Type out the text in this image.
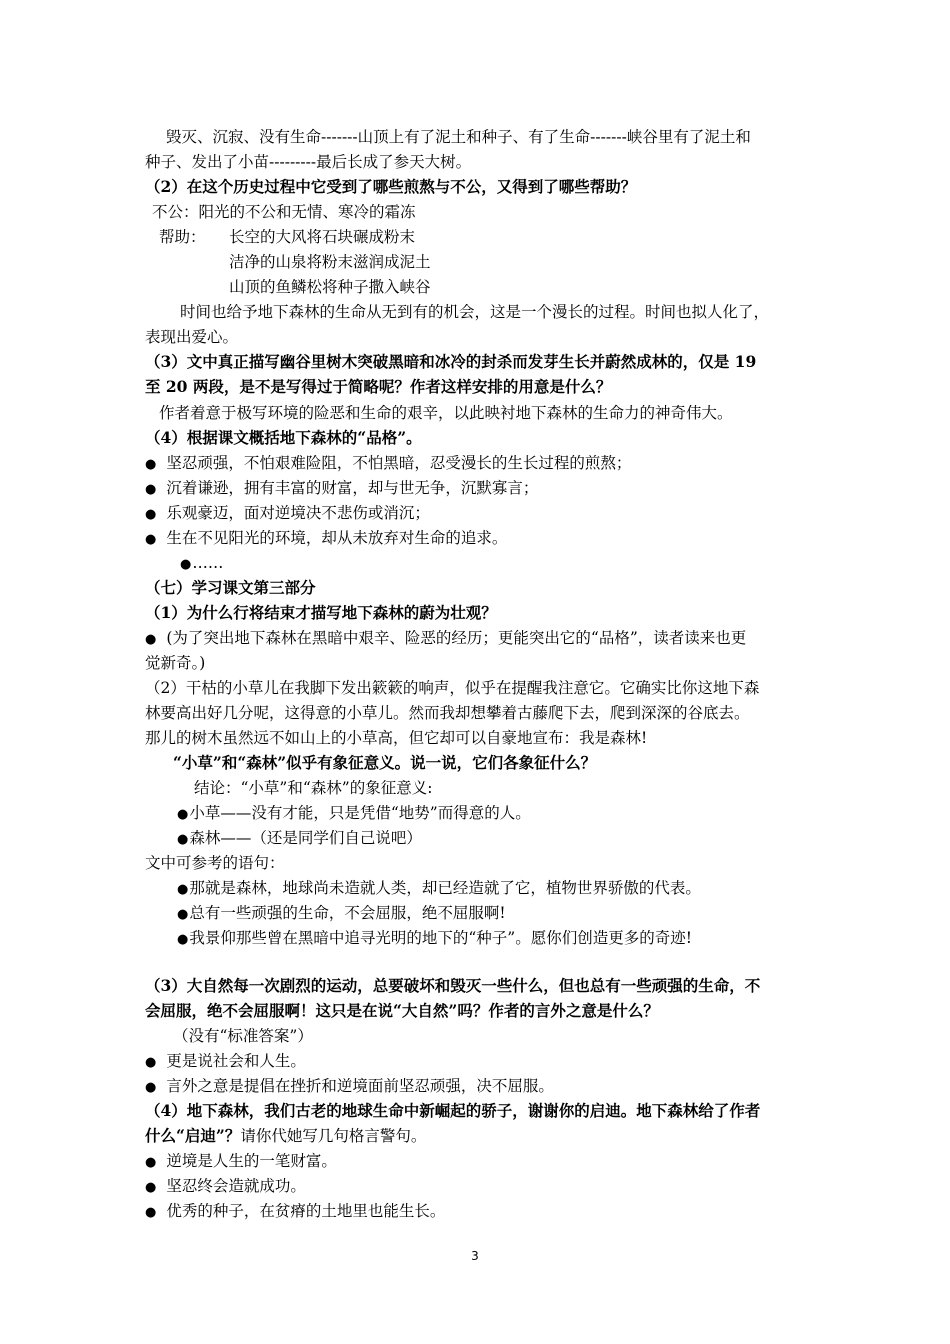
毁灭、沉寂、没有生命-------山顶上有了泥土和种子、有了生命-------峡谷里有了泥土和
种子、发出了小苗---------最后长成了参天大树。
（2）在这个历史过程中它受到了哪些煎熬与不公，又得到了哪些帮助？
不公：阳光的不公和无情、寒冷的霜冻
帮助： 长空的大风将石块碾成粉末
洁净的山泉将粉末滋润成泥土
山顶的鱼鳞松将种子撒入峡谷
时间也给予地下森林的生命从无到有的机会，这是一个漫长的过程。时间也拟人化了，
表现出爱心。
（3）文中真正描写幽谷里树木突破黑暗和冰冷的封杀而发芽生长并蔚然成林的，仅是 19
至 20 两段，是不是写得过于简略呢？作者这样安排的用意是什么？
作者着意于极写环境的险恶和生命的艰辛，以此映衬地下森林的生命力的神奇伟大。
（4）根据课文概括地下森林的“品格”。
● 坚忍顽强，不怕艰难险阻，不怕黑暗，忍受漫长的生长过程的煎熬；
● 沉着谦逊，拥有丰富的财富，却与世无争，沉默寡言；
● 乐观豪迈，面对逆境决不悲伤或消沉；
● 生在不见阳光的环境，却从未放弃对生命的追求。
●……
（七）学习课文第三部分
（1）为什么行将结束才描写地下森林的蔚为壮观？
● (为了突出地下森林在黑暗中艰辛、险恶的经历；更能突出它的“品格”，读者读来也更
觉新奇。)
（2）干枯的小草儿在我脚下发出簌簌的响声，似乎在提醒我注意它。它确实比你这地下森
林要高出好几分呢，这得意的小草儿。然而我却想攀着古藤爬下去，爬到深深的谷底去。
那儿的树木虽然远不如山上的小草高，但它却可以自豪地宣布：我是森林!
“小草”和“森林”似乎有象征意义。说一说，它们各象征什么？
结论：“小草”和“森林”的象征意义:
●小草——没有才能，只是凭借“地势”而得意的人。
●森林——（还是同学们自己说吧）
文中可参考的语句：
●那就是森林，地球尚未造就人类，却已经造就了它，植物世界骄傲的代表。
●总有一些顽强的生命，不会屈服，绝不屈服啊!
●我景仰那些曾在黑暗中追寻光明的地下的“种子”。愿你们创造更多的奇迹!
（3）大自然每一次剧烈的运动，总要破坏和毁灭一些什么，但也总有一些顽强的生命，不
会屈服，绝不会屈服啊！这只是在说“大自然”吗？作者的言外之意是什么？
（没有“标准答案”）
● 更是说社会和人生。
● 言外之意是提倡在挫折和逆境面前坚忍顽强，决不屈服。
（4）地下森林，我们古老的地球生命中新崛起的骄子，谢谢你的启迪。地下森林给了作者
什么“启迪”？请你代她写几句格言警句。
● 逆境是人生的一笔财富。
● 坚忍终会造就成功。
● 优秀的种子，在贫瘠的土地里也能生长。
3
